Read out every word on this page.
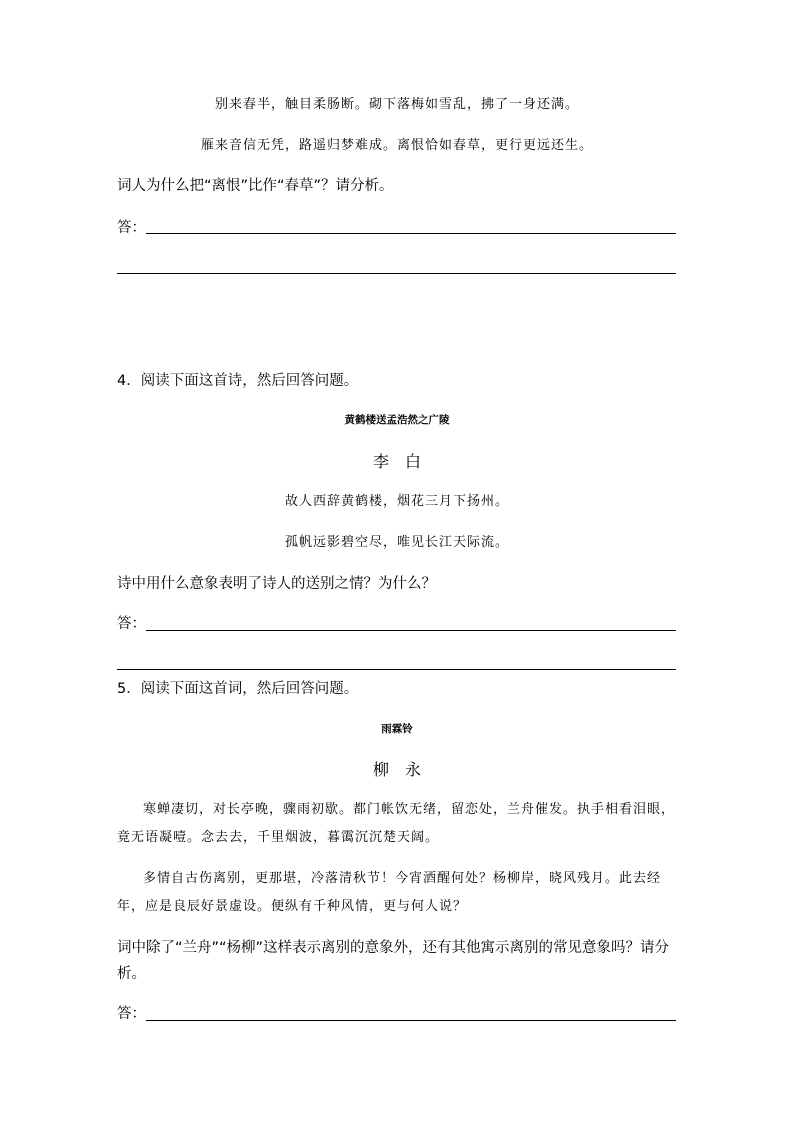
别来春半，触目柔肠断。砌下落梅如雪乱，拂了一身还满。

雁来音信无凭，路遥归梦难成。离恨恰如春草，更行更远还生。

词人为什么把“离恨”比作“春草”？请分析。

答：

4．阅读下面这首诗，然后回答问题。

黄鹤楼送孟浩然之广陵

李　白

故人西辞黄鹤楼，烟花三月下扬州。

孤帆远影碧空尽，唯见长江天际流。

诗中用什么意象表明了诗人的送别之情？为什么？

答：

5．阅读下面这首词，然后回答问题。

雨霖铃

柳　永

寒蝉凄切，对长亭晚，骤雨初歇。都门帐饮无绪，留恋处，兰舟催发。执手相看泪眼，竟无语凝噎。念去去，千里烟波，暮霭沉沉楚天阔。

多情自古伤离别，更那堪，冷落清秋节！今宵酒醒何处？杨柳岸，晓风残月。此去经年，应是良辰好景虚设。便纵有千种风情，更与何人说？

词中除了“兰舟”“杨柳”这样表示离别的意象外，还有其他寓示离别的常见意象吗？请分

析。

答：
